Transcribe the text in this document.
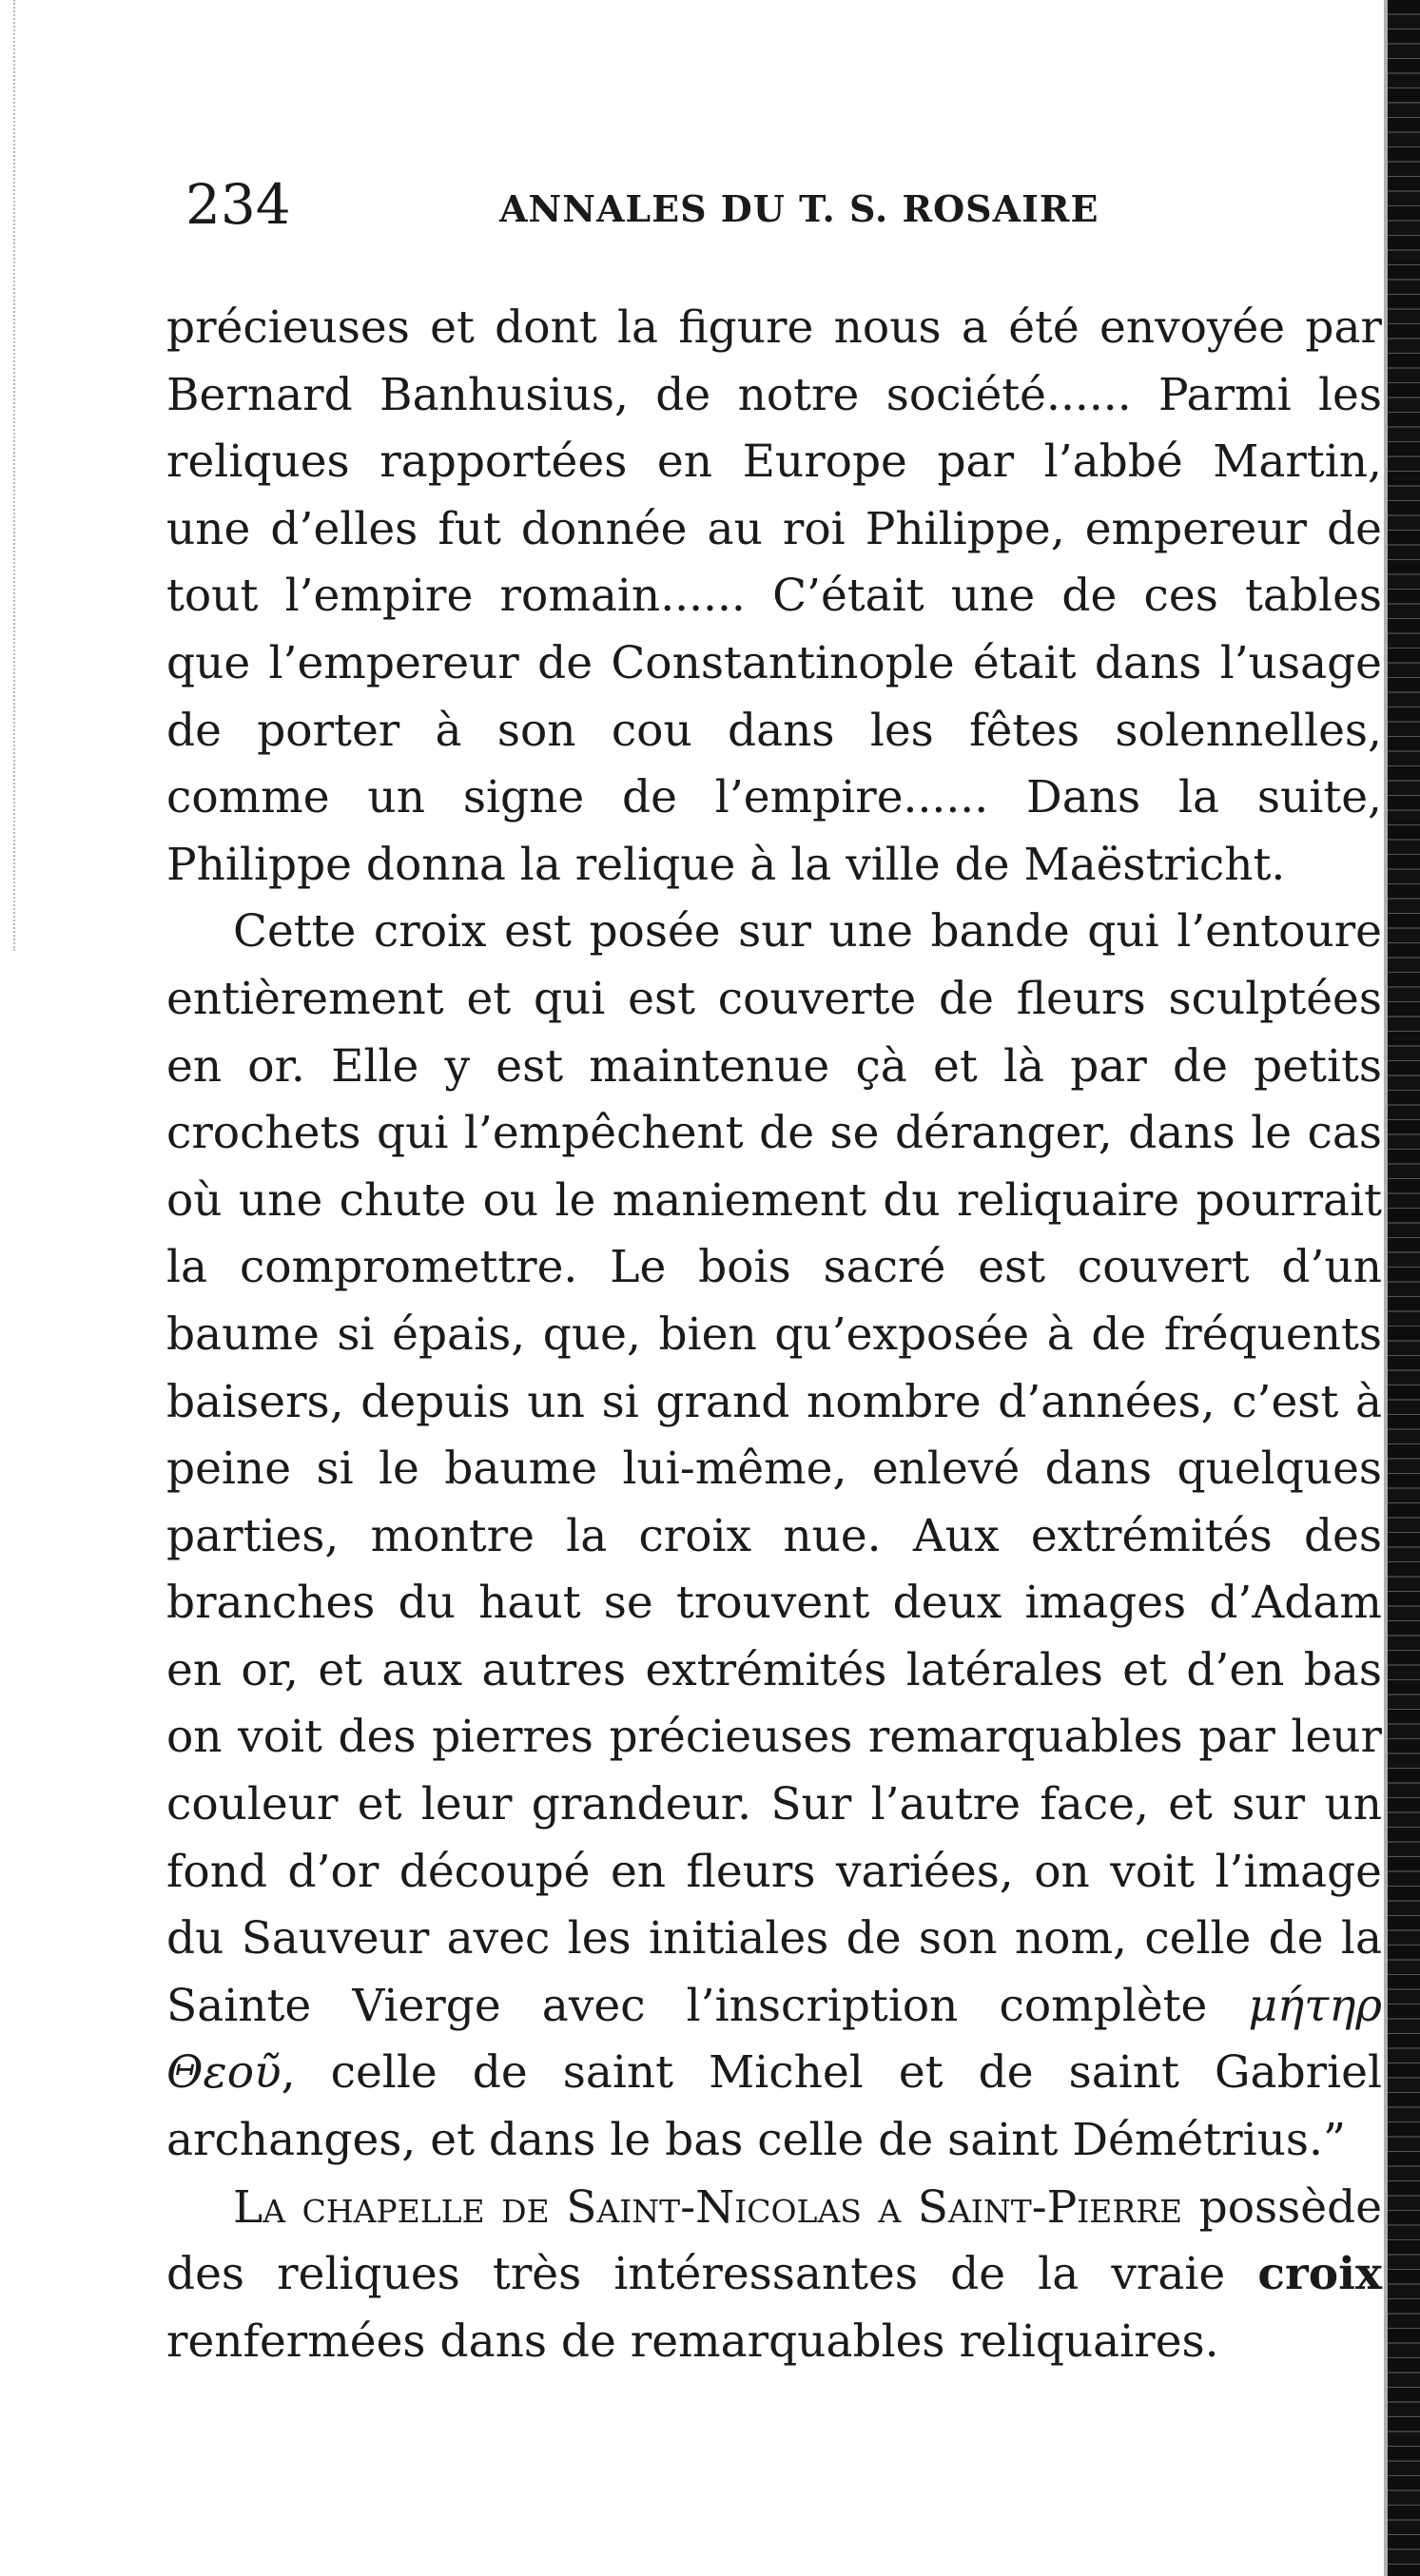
234	ANNALES DU T. S. ROSAIRE

précieuses et dont la figure nous a été envoyée par Bernard Banhusius, de notre société...... Parmi les reliques rapportées en Europe par l’abbé Martin, une d’elles fut donnée au roi Philippe, empereur de tout l’empire romain...... C’était une de ces tables que l’empereur de Constantinople était dans l’usage de porter à son cou dans les fêtes solennelles, comme un signe de l’empire...... Dans la suite, Philippe donna la relique à la ville de Maëstricht.

Cette croix est posée sur une bande qui l’entoure entièrement et qui est couverte de fleurs sculptées en or. Elle y est maintenue çà et là par de petits crochets qui l’empêchent de se déranger, dans le cas où une chute ou le maniement du reliquaire pourrait la compromettre. Le bois sacré est couvert d’un baume si épais, que, bien qu’exposée à de fréquents baisers, depuis un si grand nombre d’années, c’est à peine si le baume lui-même, enlevé dans quelques parties, montre la croix nue. Aux extrémités des branches du haut se trouvent deux images d’Adam en or, et aux autres extrémités latérales et d’en bas on voit des pierres précieuses remarquables par leur couleur et leur grandeur. Sur l’autre face, et sur un fond d’or découpé en fleurs variées, on voit l’image du Sauveur avec les initiales de son nom, celle de la Sainte Vierge avec l’inscription complète μήτηρ Θεοῦ, celle de saint Michel et de saint Gabriel archanges, et dans le bas celle de saint Démétrius.”

La chapelle de Saint-Nicolas a Saint-Pierre possède des reliques très intéressantes de la vraie croix renfermées dans de remarquables reliquaires.
